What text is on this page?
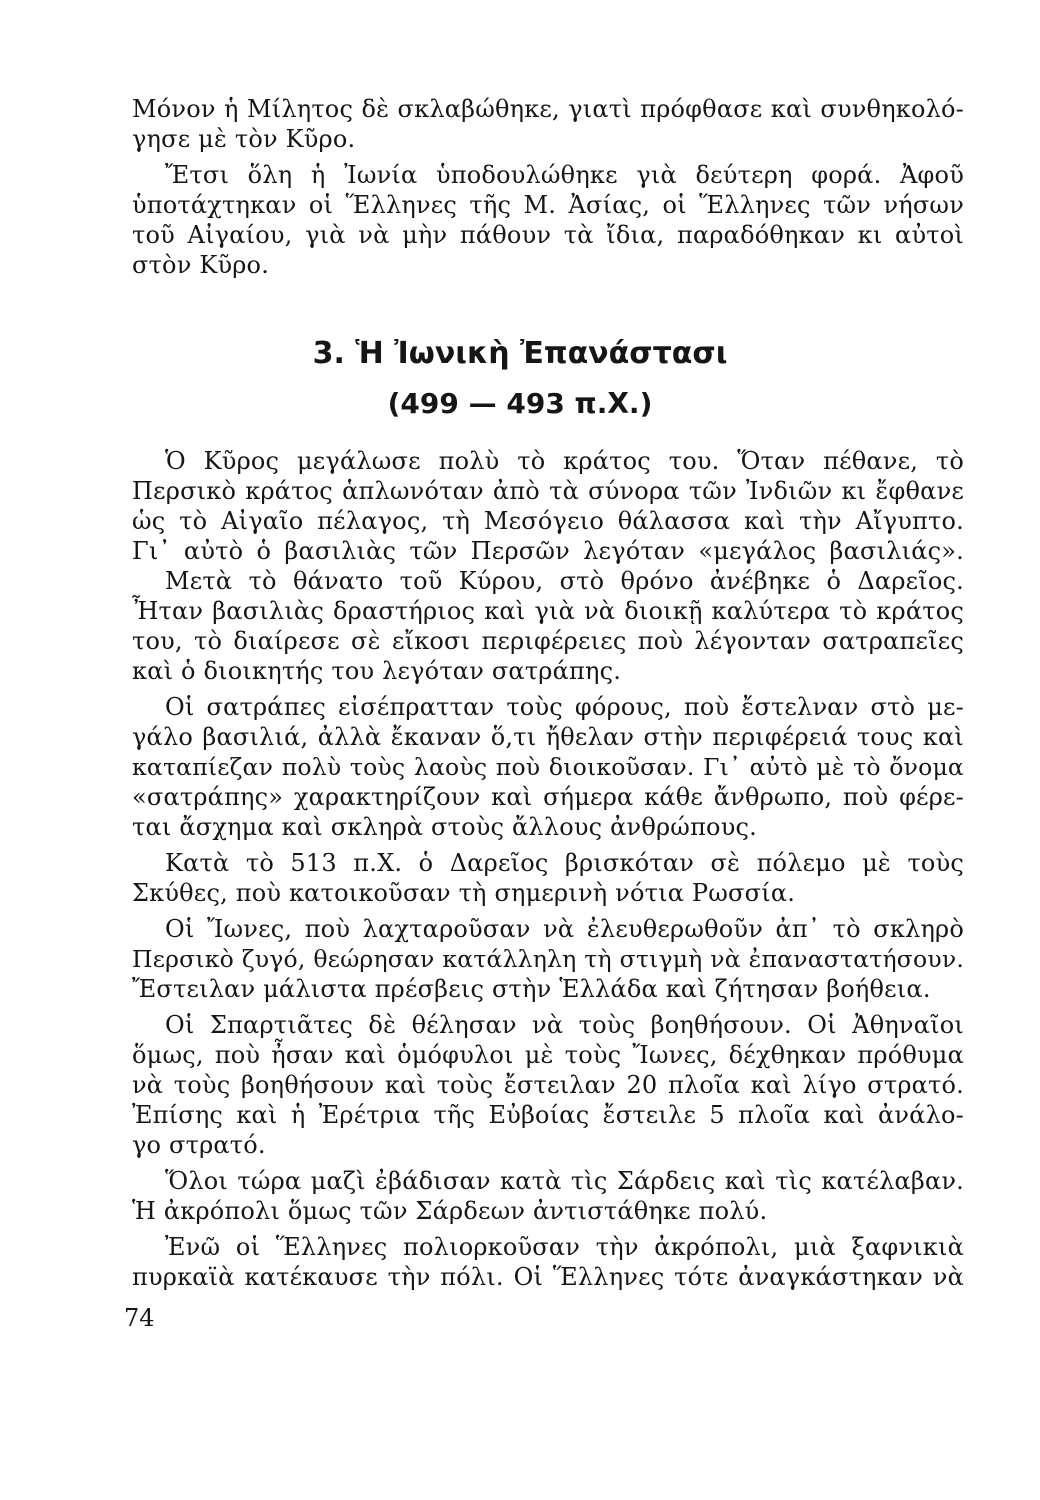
Μόνον ἡ Μίλητος δὲ σκλαβώθηκε, γιατὶ πρόφθασε καὶ συνθηκολό-
γησε μὲ τὸν Κῦρο.
Ἔτσι ὅλη ἡ Ἰωνία ὑποδουλώθηκε γιὰ δεύτερη φορά. Ἀφοῦ
ὑποτάχτηκαν οἱ Ἕλληνες τῆς Μ. Ἀσίας, οἱ Ἕλληνες τῶν νήσων
τοῦ Αἰγαίου, γιὰ νὰ μὴν πάθουν τὰ ἴδια, παραδόθηκαν κι αὐτοὶ
στὸν Κῦρο.
3. Ἡ Ἰωνικὴ Ἐπανάστασι
(499 — 493 π.Χ.)
Ὁ Κῦρος μεγάλωσε πολὺ τὸ κράτος του. Ὅταν πέθανε, τὸ
Περσικὸ κράτος ἁπλωνόταν ἀπὸ τὰ σύνορα τῶν Ἰνδιῶν κι ἔφθανε
ὡς τὸ Αἰγαῖο πέλαγος, τὴ Μεσόγειο θάλασσα καὶ τὴν Αἴγυπτο.
Γι᾿ αὐτὸ ὁ βασιλιὰς τῶν Περσῶν λεγόταν «μεγάλος βασιλιάς».
Μετὰ τὸ θάνατο τοῦ Κύρου, στὸ θρόνο ἀνέβηκε ὁ Δαρεῖος.
Ἦταν βασιλιὰς δραστήριος καὶ γιὰ νὰ διοικῇ καλύτερα τὸ κράτος
του, τὸ διαίρεσε σὲ εἴκοσι περιφέρειες ποὺ λέγονταν σατραπεῖες
καὶ ὁ διοικητής του λεγόταν σατράπης.
Οἱ σατράπες εἰσέπρατταν τοὺς φόρους, ποὺ ἔστελναν στὸ με-
γάλο βασιλιά, ἀλλὰ ἔκαναν ὅ,τι ἤθελαν στὴν περιφέρειά τους καὶ
καταπίεζαν πολὺ τοὺς λαοὺς ποὺ διοικοῦσαν. Γι᾿ αὐτὸ μὲ τὸ ὄνομα
«σατράπης» χαρακτηρίζουν καὶ σήμερα κάθε ἄνθρωπο, ποὺ φέρε-
ται ἄσχημα καὶ σκληρὰ στοὺς ἄλλους ἀνθρώπους.
Κατὰ τὸ 513 π.Χ. ὁ Δαρεῖος βρισκόταν σὲ πόλεμο μὲ τοὺς
Σκύθες, ποὺ κατοικοῦσαν τὴ σημερινὴ νότια Ρωσσία.
Οἱ Ἴωνες, ποὺ λαχταροῦσαν νὰ ἐλευθερωθοῦν ἀπ᾿ τὸ σκληρὸ
Περσικὸ ζυγό, θεώρησαν κατάλληλη τὴ στιγμὴ νὰ ἐπαναστατήσουν.
Ἔστειλαν μάλιστα πρέσβεις στὴν Ἑλλάδα καὶ ζήτησαν βοήθεια.
Οἱ Σπαρτιᾶτες δὲ θέλησαν νὰ τοὺς βοηθήσουν. Οἱ Ἀθηναῖοι
ὅμως, ποὺ ἦσαν καὶ ὁμόφυλοι μὲ τοὺς Ἴωνες, δέχθηκαν πρόθυμα
νὰ τοὺς βοηθήσουν καὶ τοὺς ἔστειλαν 20 πλοῖα καὶ λίγο στρατό.
Ἐπίσης καὶ ἡ Ἐρέτρια τῆς Εὐβοίας ἔστειλε 5 πλοῖα καὶ ἀνάλο-
γο στρατό.
Ὅλοι τώρα μαζὶ ἐβάδισαν κατὰ τὶς Σάρδεις καὶ τὶς κατέλαβαν.
Ἡ ἀκρόπολι ὅμως τῶν Σάρδεων ἀντιστάθηκε πολύ.
Ἐνῶ οἱ Ἕλληνες πολιορκοῦσαν τὴν ἀκρόπολι, μιὰ ξαφνικιὰ
πυρκαϊὰ κατέκαυσε τὴν πόλι. Οἱ Ἕλληνες τότε ἀναγκάστηκαν νὰ
74
